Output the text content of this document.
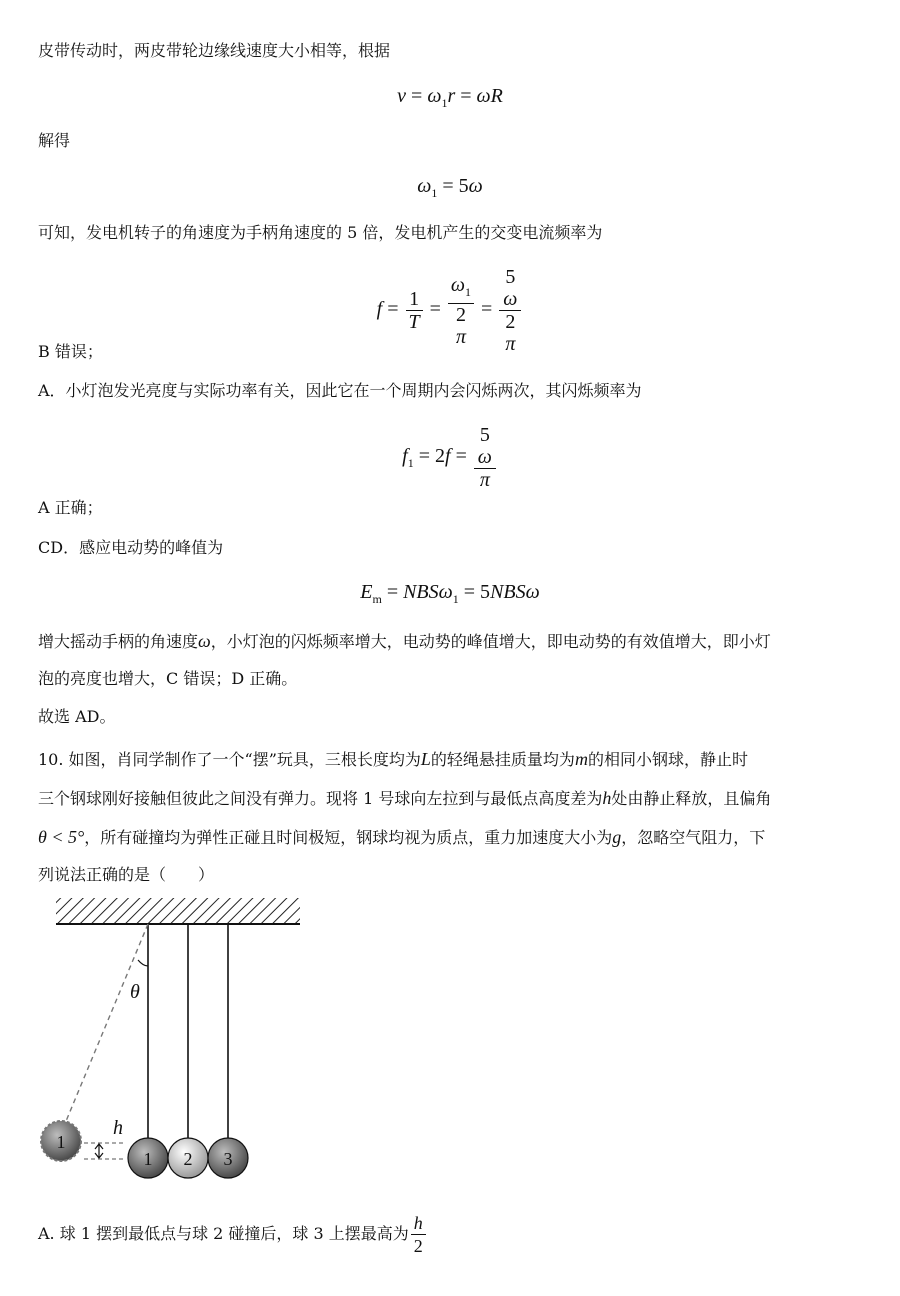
皮带传动时，两皮带轮边缘线速度大小相等，根据
$v = \omega_1r = \omega R$
解得
$\omega_1 = 5\omega$
可知，发电机转子的角速度为手柄角速度的 5 倍，发电机产生的交变电流频率为
$f = \frac{1}{T} = \omega_1$
2
π = 5
ω
2
π
B 错误；
A．小灯泡发光亮度与实际功率有关，因此它在一个周期内会闪烁两次，其闪烁频率为
$f_1 = 2f = 5$
ω
π
A 正确；
CD．感应电动势的峰值为
$E_m = NBS\omega_1 = 5NBS\omega$
增大摇动手柄的角速度ω，小灯泡的闪烁频率增大，电动势的峰值增大，即电动势的有效值增大，即小灯
泡的亮度也增大，C 错误；D 正确。
故选 AD。
10. 如图，肖同学制作了一个“摆”玩具，三根长度均为L的轻绳悬挂质量均为m的相同小钢球，静止时
三个钢球刚好接触但彼此之间没有弹力。现将 1 号球向左拉到与最低点高度差为h处由静止释放，且偏角
θ < 5°，所有碰撞均为弹性正碰且时间极短，钢球均视为质点，重力加速度大小为g，忽略空气阻力，下
列说法正确的是（　　）
θ
h
1
1 2 3
A. 球 1 摆到最低点与球 2 碰撞后，球 3 上摆最高为 $\frac{h}{2}$
